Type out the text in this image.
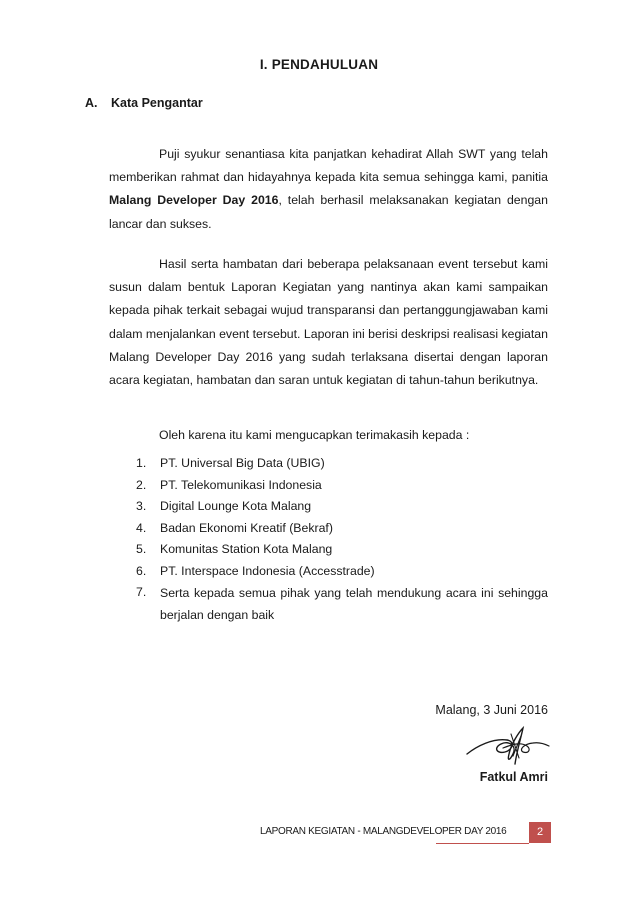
I. PENDAHULUAN
A. Kata Pengantar

Puji syukur senantiasa kita panjatkan kehadirat Allah SWT yang telah memberikan rahmat dan hidayahnya kepada kita semua sehingga kami, panitia Malang Developer Day 2016, telah berhasil melaksanakan kegiatan dengan lancar dan sukses.

Hasil serta hambatan dari beberapa pelaksanaan event tersebut kami susun dalam bentuk Laporan Kegiatan yang nantinya akan kami sampaikan kepada pihak terkait sebagai wujud transparansi dan pertanggungjawaban kami dalam menjalankan event tersebut. Laporan ini berisi deskripsi realisasi kegiatan Malang Developer Day 2016 yang sudah terlaksana disertai dengan laporan acara kegiatan, hambatan dan saran untuk kegiatan di tahun-tahun berikutnya.

Oleh karena itu kami mengucapkan terimakasih kepada :

1.	PT. Universal Big Data (UBIG)
2.	PT. Telekomunikasi Indonesia
3.	Digital Lounge Kota Malang
4.	Badan Ekonomi Kreatif (Bekraf)
5.	Komunitas Station Kota Malang
6.	PT. Interspace Indonesia (Accesstrade)
7.	Serta kepada semua pihak yang telah mendukung acara ini sehingga berjalan dengan baik
Malang, 3 Juni 2016
Fatkul Amri
LAPORAN KEGIATAN - MALANGDEVELOPER DAY 2016	2
